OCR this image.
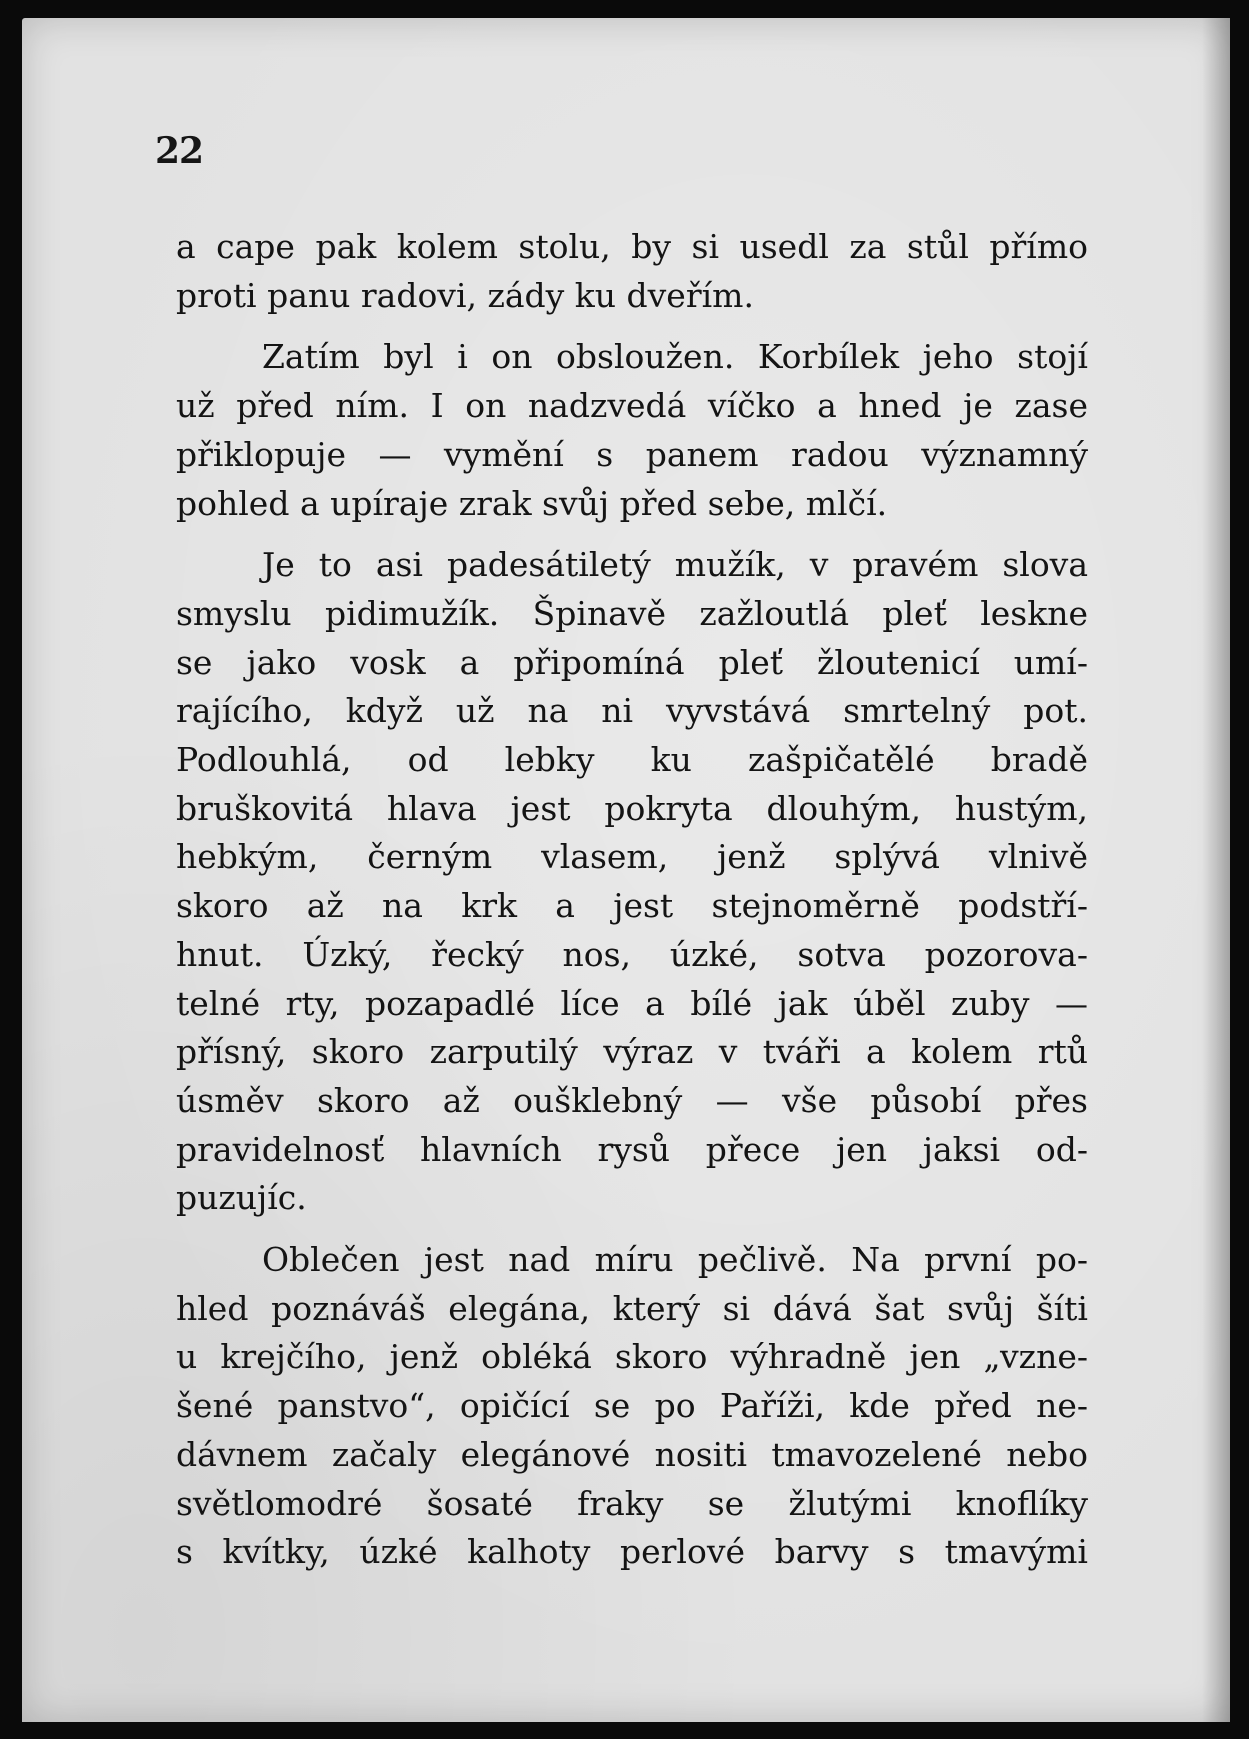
22

a cape pak kolem stolu, by si usedl za stůl přímo
proti panu radovi, zády ku dveřím.

Zatím byl i on obsloužen. Korbílek jeho stojí
už před ním. I on nadzvedá víčko a hned je zase
přiklopuje — vymění s panem radou významný
pohled a upíraje zrak svůj před sebe, mlčí.

Je to asi padesátiletý mužík, v pravém slova
smyslu pidimužík. Špinavě zažloutlá pleť leskne
se jako vosk a připomíná pleť žloutenicí umí-
rajícího, když už na ni vyvstává smrtelný pot.
Podlouhlá, od lebky ku zašpičatělé bradě
bruškovitá hlava jest pokryta dlouhým, hustým,
hebkým, černým vlasem, jenž splývá vlnivě
skoro až na krk a jest stejnoměrně podstří-
hnut. Úzký, řecký nos, úzké, sotva pozorova-
telné rty, pozapadlé líce a bílé jak úběl zuby —
přísný, skoro zarputilý výraz v tváři a kolem rtů
úsměv skoro až oušklebný — vše působí přes
pravidelnosť hlavních rysů přece jen jaksi od-
puzujíc.

Oblečen jest nad míru pečlivě. Na první po-
hled poznáváš elegána, který si dává šat svůj šíti
u krejčího, jenž obléká skoro výhradně jen „vzne-
šené panstvo“, opičící se po Paříži, kde před ne-
dávnem začaly elegánové nositi tmavozelené nebo
světlomodré šosaté fraky se žlutými knoflíky
s kvítky, úzké kalhoty perlové barvy s tmavými
